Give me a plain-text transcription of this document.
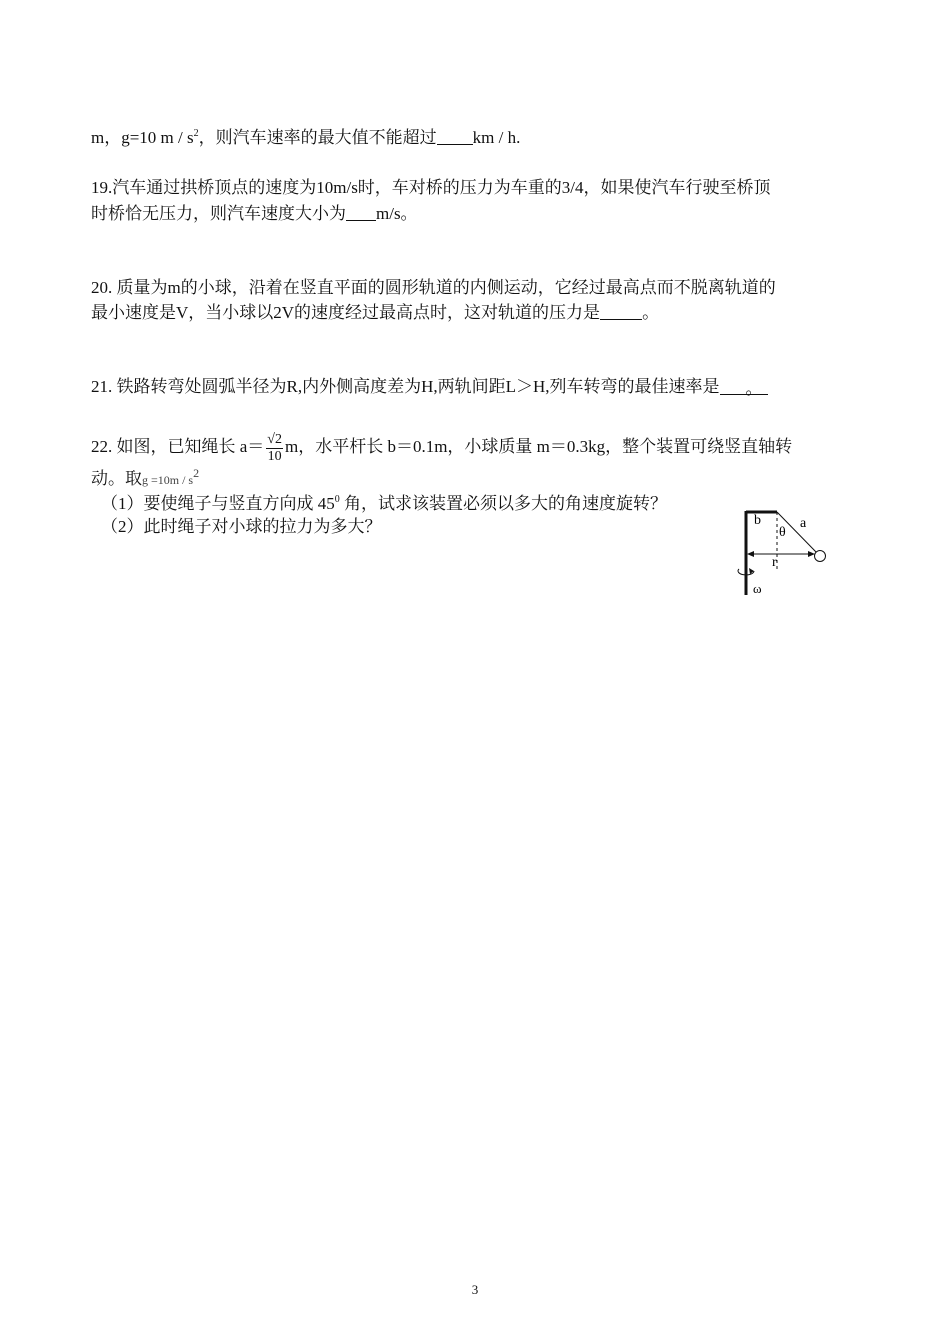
m，g=10 m / $s^2$，则汽车速率的最大值不能超过 km / h.
19.汽车通过拱桥顶点的速度为10m/s时，车对桥的压力为车重的3/4，如果使汽车行驶至桥顶
时桥恰无压力，则汽车速度大小为 m/s。
20. 质量为m的小球，沿着在竖直平面的圆形轨道的内侧运动，它经过最高点而不脱离轨道的
最小速度是V，当小球以2V的速度经过最高点时，这对轨道的压力是 。
21. 铁路转弯处圆弧半径为R,内外侧高度差为H,两轨间距L＞H,列车转弯的最佳速率是 。
22. 如图，已知绳长 $a= \frac{√2}{10}$ m，水平杆长 b＝0.1m，小球质量 m＝0.3kg，整个装置可绕竖直轴转
动。取$g =10m / s^2$
（1）要使绳子与竖直方向成 $45^0$ 角，试求该装置必须以多大的角速度旋转？
（2）此时绳子对小球的拉力为多大？	b
θ
a
r
ω
3
